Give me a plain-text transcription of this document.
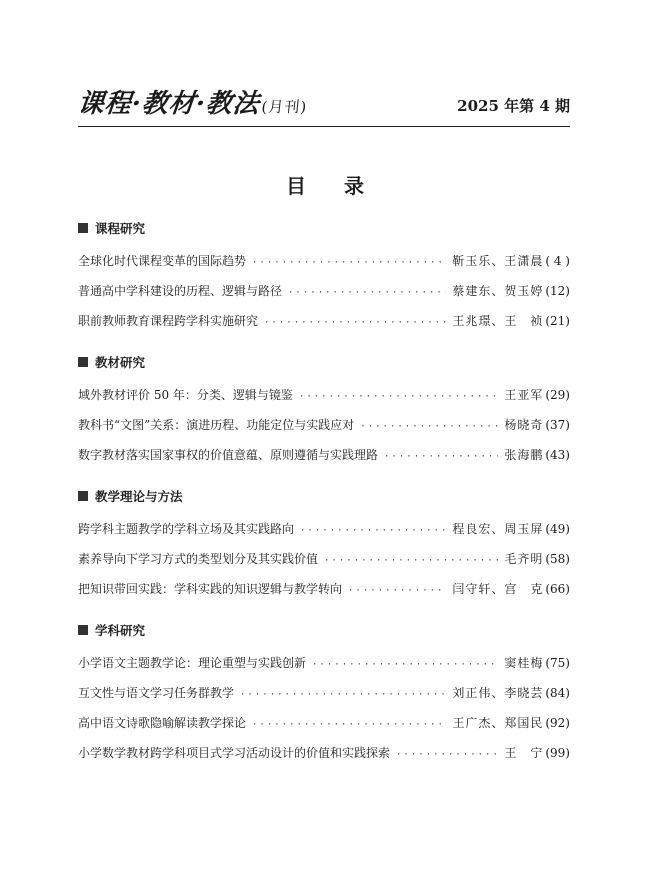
课程·教材·教法(月刊)	2025 年第 4 期
目 录
课程研究
全球化时代课程变革的国际趋势 ·····	靳玉乐、王潇晨 ( 4 )
普通高中学科建设的历程、逻辑与路径 ·····	蔡建东、贺玉婷 (12)
职前教师教育课程跨学科实施研究 ·····	王兆璟、王　祯 (21)
教材研究
域外教材评价 50 年：分类、逻辑与镜鉴 ·····	王亚军 (29)
教科书“文图”关系：演进历程、功能定位与实践应对 ·····	杨晓奇 (37)
数字教材落实国家事权的价值意蕴、原则遵循与实践理路 ·····	张海鹏 (43)
教学理论与方法
跨学科主题教学的学科立场及其实践路向 ·····	程良宏、周玉屏 (49)
素养导向下学习方式的类型划分及其实践价值 ·····	毛齐明 (58)
把知识带回实践：学科实践的知识逻辑与教学转向 ·····	闫守轩、宫　克 (66)
学科研究
小学语文主题教学论：理论重塑与实践创新 ·····	窦桂梅 (75)
互文性与语文学习任务群教学 ·····	刘正伟、李晓芸 (84)
高中语文诗歌隐喻解读教学探论 ·····	王广杰、郑国民 (92)
小学数学教材跨学科项目式学习活动设计的价值和实践探索 ·····	王　宁 (99)
